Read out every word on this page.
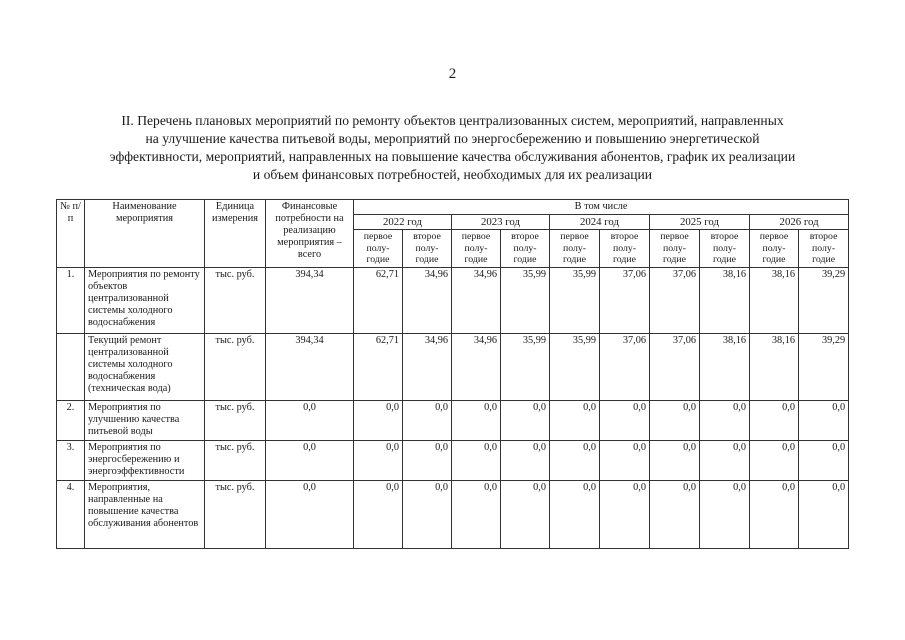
2
II. Перечень плановых мероприятий по ремонту объектов централизованных систем, мероприятий, направленных
на улучшение качества питьевой воды, мероприятий по энергосбережению и повышению энергетической
эффективности, мероприятий, направленных на повышение качества обслуживания абонентов, график их реализации
и объем финансовых потребностей, необходимых для их реализации
№ п/п	Наименование мероприятия	Единица измерения	Финансовые потребности на реализацию мероприятия – всего	В том числе									
				2022 год		2023 год		2024 год		2025 год		2026 год	
				первое полу-годие	второе полу-годие	первое полу-годие	второе полу-годие	первое полу-годие	второе полу-годие	первое полу-годие	второе полу-годие	первое полу-годие	второе полу-годие
1.	Мероприятия по ремонту объектов централизованной системы холодного водоснабжения	тыс. руб.	394,34	62,71	34,96	34,96	35,99	35,99	37,06	37,06	38,16	38,16	39,29
	Текущий ремонт централизованной системы холодного водоснабжения (техническая вода)	тыс. руб.	394,34	62,71	34,96	34,96	35,99	35,99	37,06	37,06	38,16	38,16	39,29
2.	Мероприятия по улучшению качества питьевой воды	тыс. руб.	0,0	0,0	0,0	0,0	0,0	0,0	0,0	0,0	0,0	0,0	0,0
3.	Мероприятия по энергосбережению и энергоэффективности	тыс. руб.	0,0	0,0	0,0	0,0	0,0	0,0	0,0	0,0	0,0	0,0	0,0
4.	Мероприятия, направленные на повышение качества обслуживания абонентов	тыс. руб.	0,0	0,0	0,0	0,0	0,0	0,0	0,0	0,0	0,0	0,0	0,0
